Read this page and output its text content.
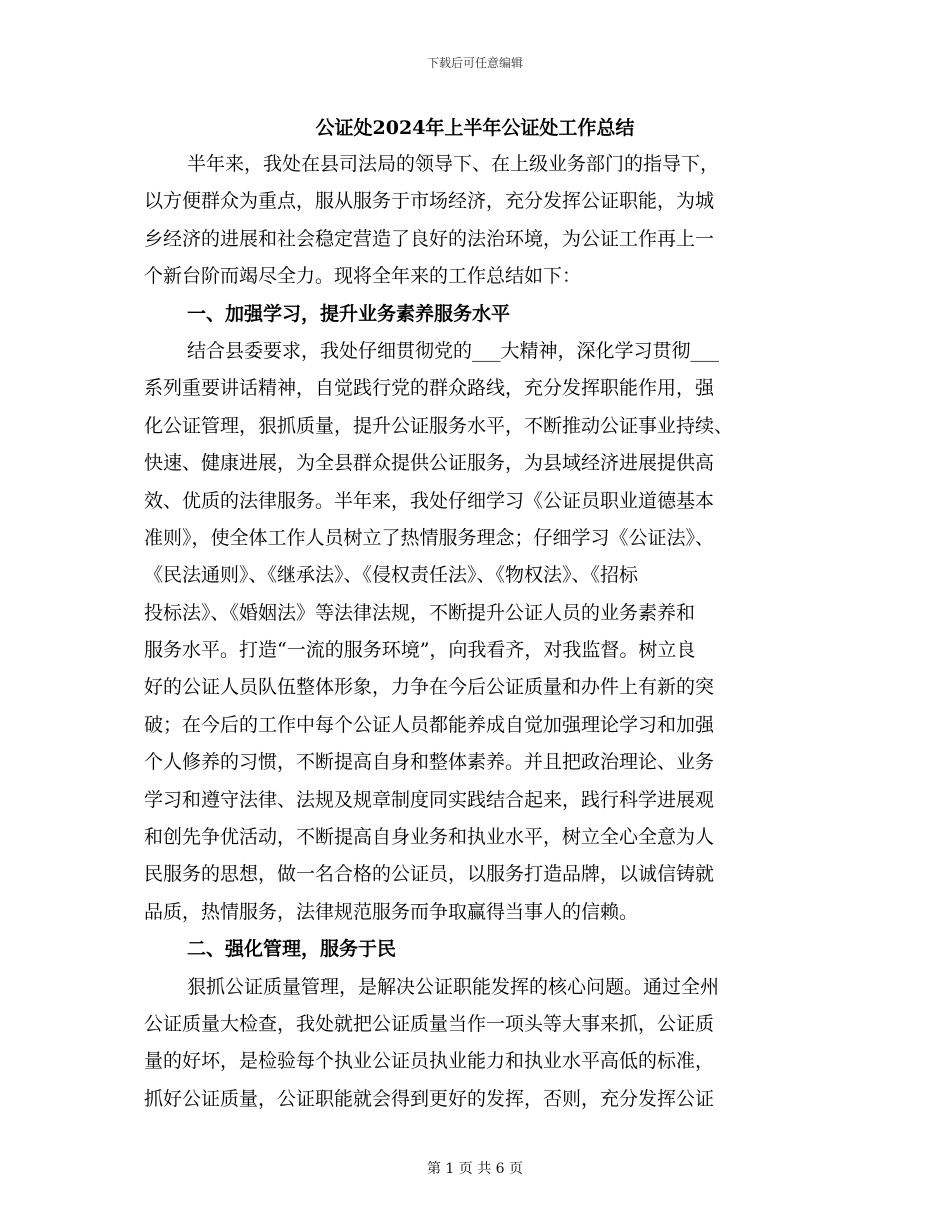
下载后可任意编辑
公证处2024年上半年公证处工作总结
半年来，我处在县司法局的领导下、在上级业务部门的指导下，
以方便群众为重点，服从服务于市场经济，充分发挥公证职能，为城
乡经济的进展和社会稳定营造了良好的法治环境，为公证工作再上一
个新台阶而竭尽全力。现将全年来的工作总结如下：
一、加强学习，提升业务素养服务水平
结合县委要求，我处仔细贯彻党的___大精神，深化学习贯彻___
系列重要讲话精神，自觉践行党的群众路线，充分发挥职能作用，强
化公证管理，狠抓质量，提升公证服务水平，不断推动公证事业持续、
快速、健康进展，为全县群众提供公证服务，为县域经济进展提供高
效、优质的法律服务。半年来，我处仔细学习《公证员职业道德基本
准则》，使全体工作人员树立了热情服务理念；仔细学习《公证法》、
《民法通则》、《继承法》、《侵权责任法》、《物权法》、《招标
投标法》、《婚姻法》等法律法规，不断提升公证人员的业务素养和
服务水平。打造“一流的服务环境”，向我看齐，对我监督。树立良
好的公证人员队伍整体形象，力争在今后公证质量和办件上有新的突
破；在今后的工作中每个公证人员都能养成自觉加强理论学习和加强
个人修养的习惯，不断提高自身和整体素养。并且把政治理论、业务
学习和遵守法律、法规及规章制度同实践结合起来，践行科学进展观
和创先争优活动，不断提高自身业务和执业水平，树立全心全意为人
民服务的思想，做一名合格的公证员，以服务打造品牌，以诚信铸就
品质，热情服务，法律规范服务而争取赢得当事人的信赖。
二、强化管理，服务于民
狠抓公证质量管理，是解决公证职能发挥的核心问题。通过全州
公证质量大检查，我处就把公证质量当作一项头等大事来抓，公证质
量的好坏，是检验每个执业公证员执业能力和执业水平高低的标准，
抓好公证质量，公证职能就会得到更好的发挥，否则，充分发挥公证
第 1 页 共 6 页
